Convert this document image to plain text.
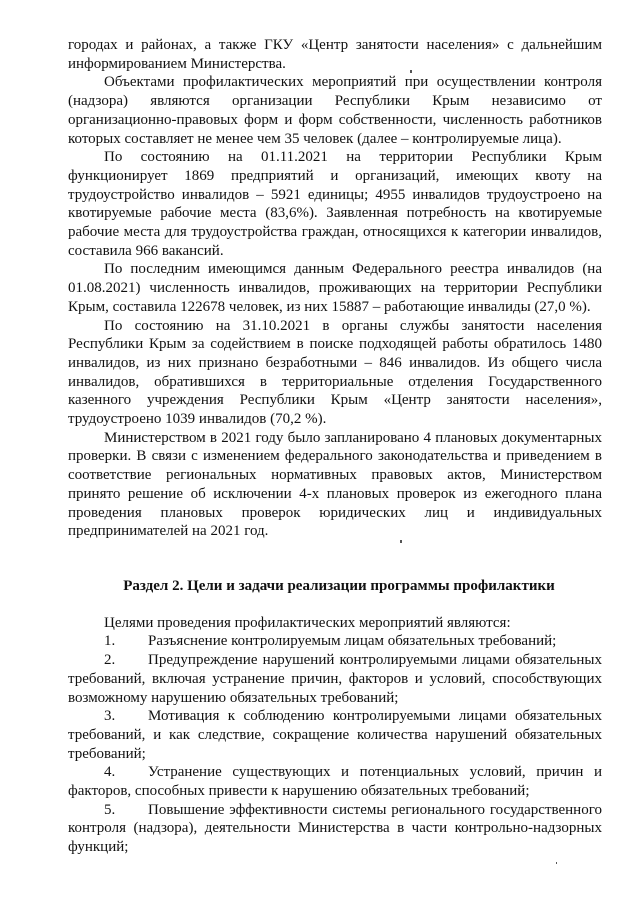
городах и районах, а также ГКУ «Центр занятости населения» с дальнейшим информированием Министерства.

Объектами профилактических мероприятий при осуществлении контроля (надзора) являются организации Республики Крым независимо от организационно-правовых форм и форм собственности, численность работников которых составляет не менее чем 35 человек (далее – контролируемые лица).

По состоянию на 01.11.2021 на территории Республики Крым функционирует 1869 предприятий и организаций, имеющих квоту на трудоустройство инвалидов – 5921 единицы; 4955 инвалидов трудоустроено на квотируемые рабочие места (83,6%). Заявленная потребность на квотируемые рабочие места для трудоустройства граждан, относящихся к категории инвалидов, составила 966 вакансий.

По последним имеющимся данным Федерального реестра инвалидов (на 01.08.2021) численность инвалидов, проживающих на территории Республики Крым, составила 122678 человек, из них 15887 – работающие инвалиды (27,0 %).

По состоянию на 31.10.2021 в органы службы занятости населения Республики Крым за содействием в поиске подходящей работы обратилось 1480 инвалидов, из них признано безработными – 846 инвалидов. Из общего числа инвалидов, обратившихся в территориальные отделения Государственного казенного учреждения Республики Крым «Центр занятости населения», трудоустроено 1039 инвалидов (70,2 %).

Министерством в 2021 году было запланировано 4 плановых документарных проверки. В связи с изменением федерального законодательства и приведением в соответствие региональных нормативных правовых актов, Министерством принято решение об исключении 4-х плановых проверок из ежегодного плана проведения плановых проверок юридических лиц и индивидуальных предпринимателей на 2021 год.

Раздел 2. Цели и задачи реализации программы профилактики

Целями проведения профилактических мероприятий являются:

1. Разъяснение контролируемым лицам обязательных требований;

2. Предупреждение нарушений контролируемыми лицами обязательных требований, включая устранение причин, факторов и условий, способствующих возможному нарушению обязательных требований;

3. Мотивация к соблюдению контролируемыми лицами обязательных требований, и как следствие, сокращение количества нарушений обязательных требований;

4. Устранение существующих и потенциальных условий, причин и факторов, способных привести к нарушению обязательных требований;

5. Повышение эффективности системы регионального государственного контроля (надзора), деятельности Министерства в части контрольно-надзорных функций;
